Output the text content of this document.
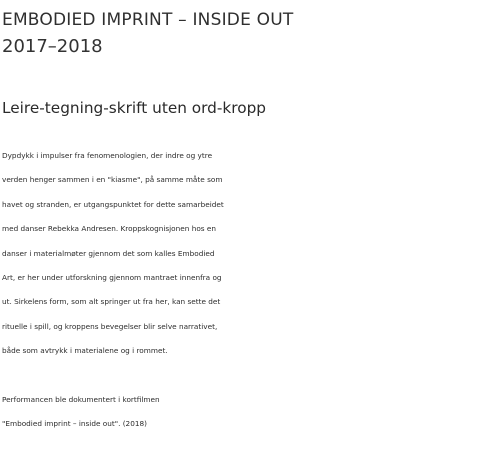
EMBODIED IMPRINT – INSIDE OUT

2017–2018

Leire-tegning-skrift uten ord-kropp

Dypdykk i impulser fra fenomenologien, der indre og ytre
verden henger sammen i en "kiasme", på samme måte som
havet og stranden, er utgangspunktet for dette samarbeidet
med danser Rebekka Andresen. Kroppskognisjonen hos en
danser i materialmøter gjennom det som kalles Embodied
Art, er her under utforskning gjennom mantraet innenfra og
ut. Sirkelens form, som alt springer ut fra her, kan sette det
rituelle i spill, og kroppens bevegelser blir selve narrativet,
både som avtrykk i materialene og i rommet.

Performancen ble dokumentert i kortfilmen
"Embodied imprint – inside out". (2018)
